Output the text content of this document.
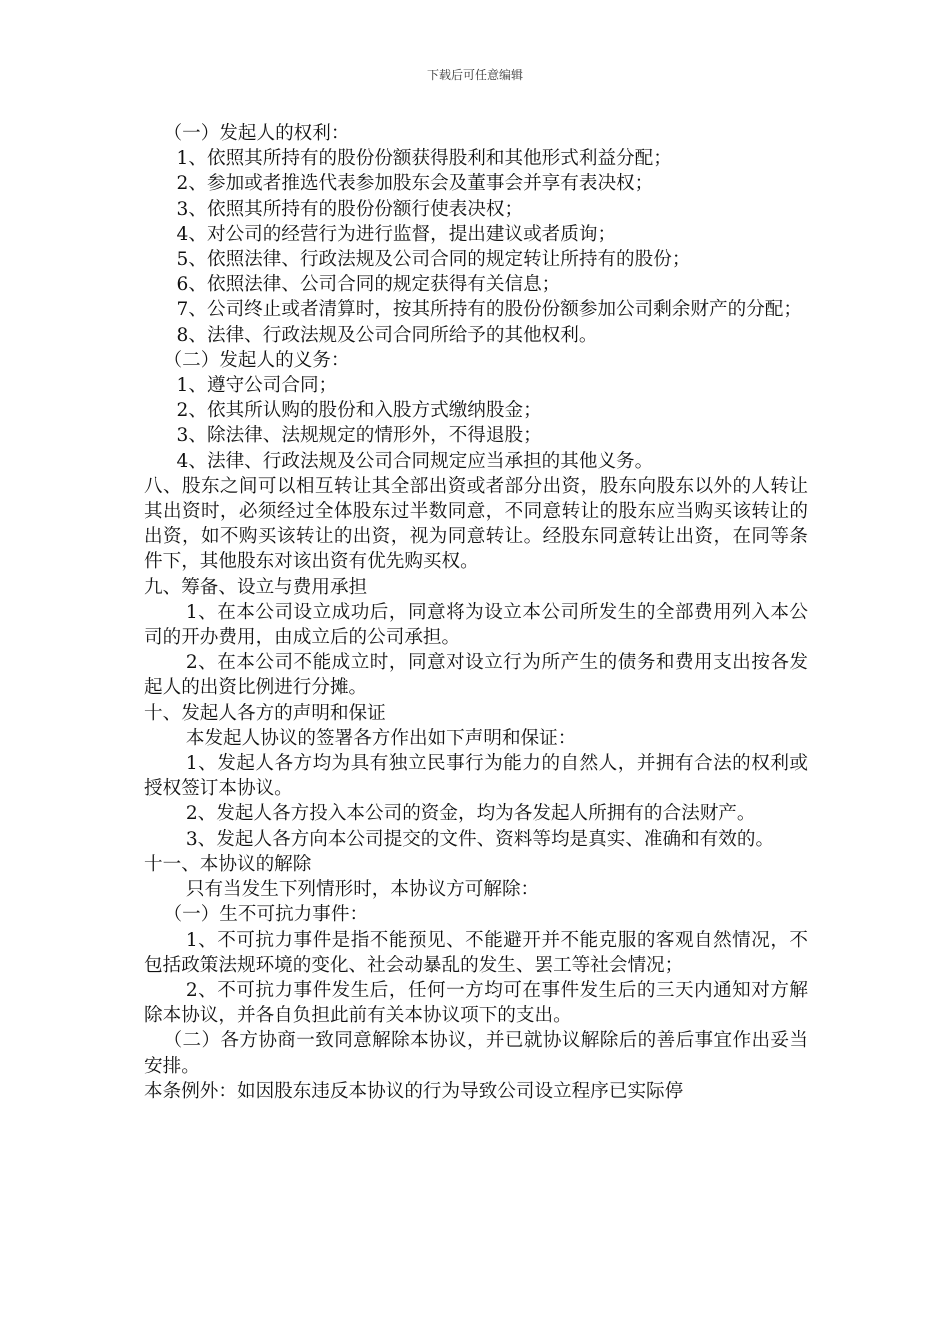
下载后可任意编辑

（一）发起人的权利：

1、依照其所持有的股份份额获得股利和其他形式利益分配；

2、参加或者推选代表参加股东会及董事会并享有表决权；

3、依照其所持有的股份份额行使表决权；

4、对公司的经营行为进行监督，提出建议或者质询；

5、依照法律、行政法规及公司合同的规定转让所持有的股份；

6、依照法律、公司合同的规定获得有关信息；

7、公司终止或者清算时，按其所持有的股份份额参加公司剩余财产的分配；

8、法律、行政法规及公司合同所给予的其他权利。

（二）发起人的义务：

1、遵守公司合同；

2、依其所认购的股份和入股方式缴纳股金；

3、除法律、法规规定的情形外，不得退股；

4、法律、行政法规及公司合同规定应当承担的其他义务。

八、股东之间可以相互转让其全部出资或者部分出资，股东向股东以外的人转让其出资时，必须经过全体股东过半数同意，不同意转让的股东应当购买该转让的出资，如不购买该转让的出资，视为同意转让。经股东同意转让出资，在同等条件下，其他股东对该出资有优先购买权。

九、筹备、设立与费用承担

1、在本公司设立成功后，同意将为设立本公司所发生的全部费用列入本公司的开办费用，由成立后的公司承担。

2、在本公司不能成立时，同意对设立行为所产生的债务和费用支出按各发起人的出资比例进行分摊。

十、发起人各方的声明和保证

本发起人协议的签署各方作出如下声明和保证：

1、发起人各方均为具有独立民事行为能力的自然人，并拥有合法的权利或授权签订本协议。

2、发起人各方投入本公司的资金，均为各发起人所拥有的合法财产。

3、发起人各方向本公司提交的文件、资料等均是真实、准确和有效的。

十一、本协议的解除

只有当发生下列情形时，本协议方可解除：

（一）生不可抗力事件：

1、不可抗力事件是指不能预见、不能避开并不能克服的客观自然情况，不包括政策法规环境的变化、社会动暴乱的发生、罢工等社会情况；

2、不可抗力事件发生后，任何一方均可在事件发生后的三天内通知对方解除本协议，并各自负担此前有关本协议项下的支出。

（二）各方协商一致同意解除本协议，并已就协议解除后的善后事宜作出妥当安排。

本条例外：如因股东违反本协议的行为导致公司设立程序已实际停
